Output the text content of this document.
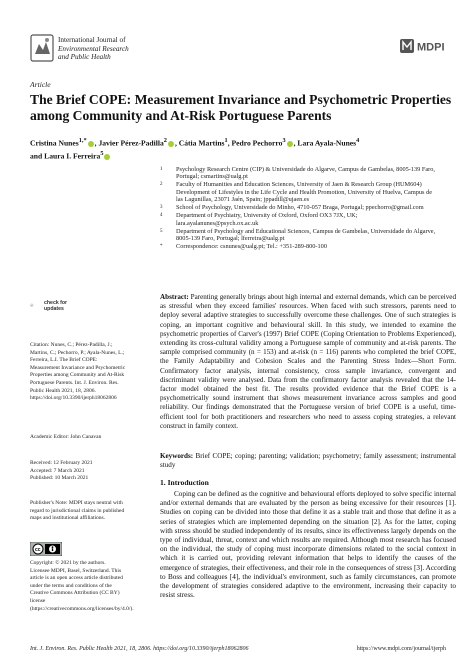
International Journal of
Environmental Research
and Public Health
MDPI
Article
The Brief COPE: Measurement Invariance and Psychometric Properties among Community and At-Risk Portuguese Parents
Cristina Nunes$^{1,*}$ , Javier Pérez-Padilla$^2$ , Cátia Martins$^1$, Pedro Pechorro$^3$ , Lara Ayala-Nunes$^4$
and Laura I. Ferreira$^5$
1	Psychology Research Centre (CIP) & Universidade do Algarve, Campus de Gambelas, 8005-139 Faro, Portugal; csmartins@ualg.pt
2	Faculty of Humanities and Education Sciences, University of Jaen & Research Group (HUM604) Development of Lifestyles in the Life Cycle and Health Promotion, University of Huelva, Campus de las Lagunillas, 23071 Jaén, Spain; jppadill@ujaen.es
3	School of Psychology, Universidade do Minho, 4710-057 Braga, Portugal; ppechorro@gmail.com
4	Department of Psychiatry, University of Oxford, Oxford OX3 7JX, UK; lara.ayalanunes@psych.ox.ac.uk
5	Department of Psychology and Educational Sciences, Campus de Gambelas, Universidade do Algarve, 8005-139 Faro, Portugal; lferreira@ualg.pt
*	Correspondence: csnunes@ualg.pt; Tel.: +351-289-800-100
Abstract: Parenting generally brings about high internal and external demands, which can be perceived as stressful when they exceed families' resources. When faced with such stressors, parents need to deploy several adaptive strategies to successfully overcome these challenges. One of such strategies is coping, an important cognitive and behavioural skill. In this study, we intended to examine the psychometric properties of Carver's (1997) Brief COPE (Coping Orientation to Problems Experienced), extending its cross-cultural validity among a Portuguese sample of community and at-risk parents. The sample comprised community (n = 153) and at-risk (n = 116) parents who completed the brief COPE, the Family Adaptability and Cohesion Scales and the Parenting Stress Index—Short Form. Confirmatory factor analysis, internal consistency, cross sample invariance, convergent and discriminant validity were analysed. Data from the confirmatory factor analysis revealed that the 14-factor model obtained the best fit. The results provided evidence that the Brief COPE is a psychometrically sound instrument that shows measurement invariance across samples and good reliability. Our findings demonstrated that the Portuguese version of brief COPE is a useful, time-efficient tool for both practitioners and researchers who need to assess coping strategies, a relevant construct in family context.
Keywords: Brief COPE; coping; parenting; validation; psychometry; family assessment; instrumental study
1. Introduction
Coping can be defined as the cognitive and behavioural efforts deployed to solve specific internal and/or external demands that are evaluated by the person as being excessive for their resources [1]. Studies on coping can be divided into those that define it as a stable trait and those that define it as a series of strategies which are implemented depending on the situation [2]. As for the latter, coping with stress should be studied independently of its results, since its effectiveness largely depends on the type of individual, threat, context and which results are required. Although most research has focused on the individual, the study of coping must incorporate dimensions related to the social context in which it is carried out, providing relevant information that helps to identify the causes of the emergence of strategies, their effectiveness, and their role in the consequences of stress [3]. According to Boss and colleagues [4], the individual's environment, such as family circumstances, can promote the development of strategies considered adaptive to the environment, increasing their capacity to resist stress.
check for
updates
Citation: Nunes, C.; Pérez-Padilla, J.; Martins, C.; Pechorro, P.; Ayala-Nunes, L.; Ferreira, L.I. The Brief COPE: Measurement Invariance and Psychometric Properties among Community and At-Risk Portuguese Parents. Int. J. Environ. Res. Public Health 2021, 18, 2806. https://doi.org/10.3390/ijerph18062806
Academic Editor: John Canavan
Received: 12 February 2021
Accepted: 7 March 2021
Published: 10 March 2021
Publisher's Note: MDPI stays neutral with regard to jurisdictional claims in published maps and institutional affiliations.
cc
Copyright: © 2021 by the authors. Licensee MDPI, Basel, Switzerland. This article is an open access article distributed under the terms and conditions of the Creative Commons Attribution (CC BY) license (https://creativecommons.org/licenses/by/4.0/).
Int. J. Environ. Res. Public Health 2021, 18, 2806. https://doi.org/10.3390/ijerph18062806	https://www.mdpi.com/journal/ijerph
